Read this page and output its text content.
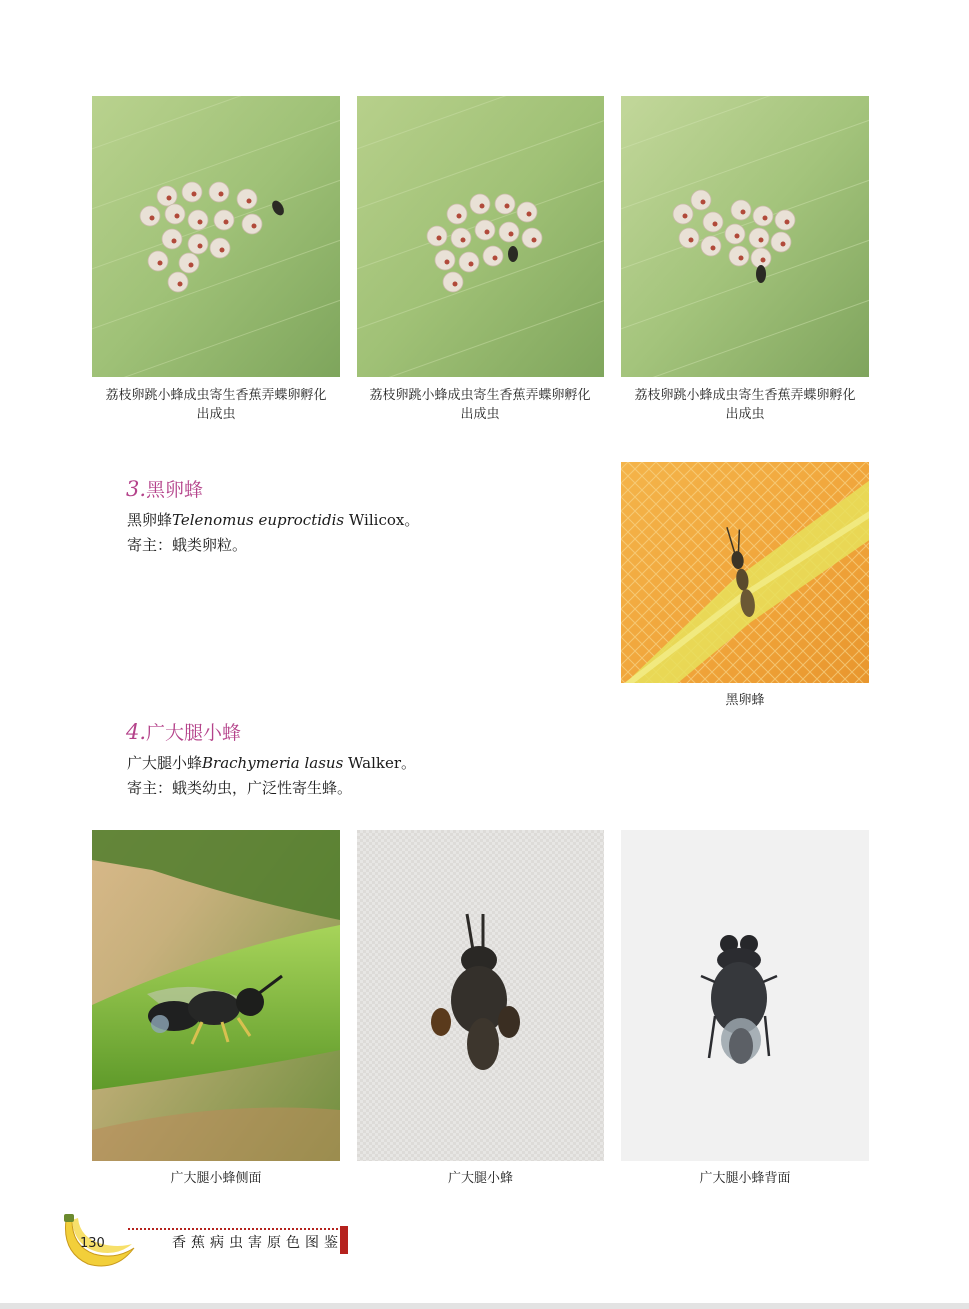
荔枝卵跳小蜂成虫寄生香蕉弄蝶卵孵化
出成虫
荔枝卵跳小蜂成虫寄生香蕉弄蝶卵孵化
出成虫
荔枝卵跳小蜂成虫寄生香蕉弄蝶卵孵化
出成虫
3.黑卵蜂
黑卵蜂Telenomus euproctidis Wilicox。
寄主：蛾类卵粒。
黑卵蜂
4.广大腿小蜂
广大腿小蜂Brachymeria lasus Walker。
寄主：蛾类幼虫，广泛性寄生蜂。
广大腿小蜂侧面	广大腿小蜂	广大腿小蜂背面
130	香蕉病虫害原色图鉴
